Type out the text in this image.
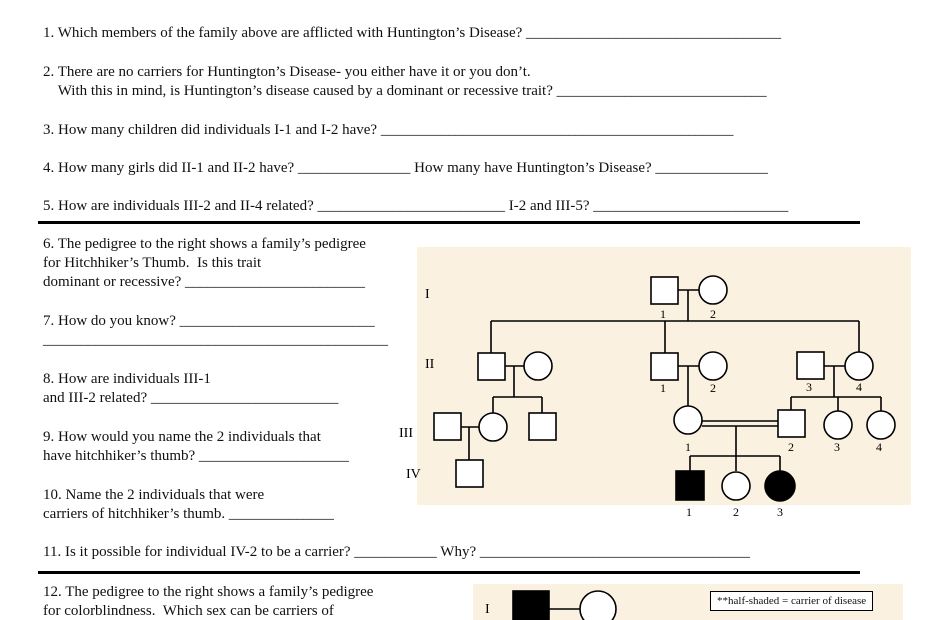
1. Which members of the family above are afflicted with Huntington’s Disease? __________________________________
2. There are no carriers for Huntington’s Disease- you either have it or you don’t.
With this in mind, is Huntington’s disease caused by a dominant or recessive trait? ____________________________
3. How many children did individuals I-1 and I-2 have? _______________________________________________
4. How many girls did II-1 and II-2 have? _______________ How many have Huntington’s Disease? _______________
5. How are individuals III-2 and II-4 related? _________________________ I-2 and III-5? __________________________
I
II
III
IV
1	2
1	2	3	4
1	2	3	4
1	2	3
6. The pedigree to the right shows a family’s pedigree
for Hitchhiker’s Thumb.  Is this trait
dominant or recessive? ________________________
7. How do you know? __________________________
______________________________________________
8. How are individuals III-1
and III-2 related? _________________________
9. How would you name the 2 individuals that
have hitchhiker’s thumb? ____________________
10. Name the 2 individuals that were
carriers of hitchhiker’s thumb. ______________
11. Is it possible for individual IV-2 to be a carrier? ___________ Why? ____________________________________
12. The pedigree to the right shows a family’s pedigree
for colorblindness.  Which sex can be carriers of	I
**half-shaded = carrier of disease
